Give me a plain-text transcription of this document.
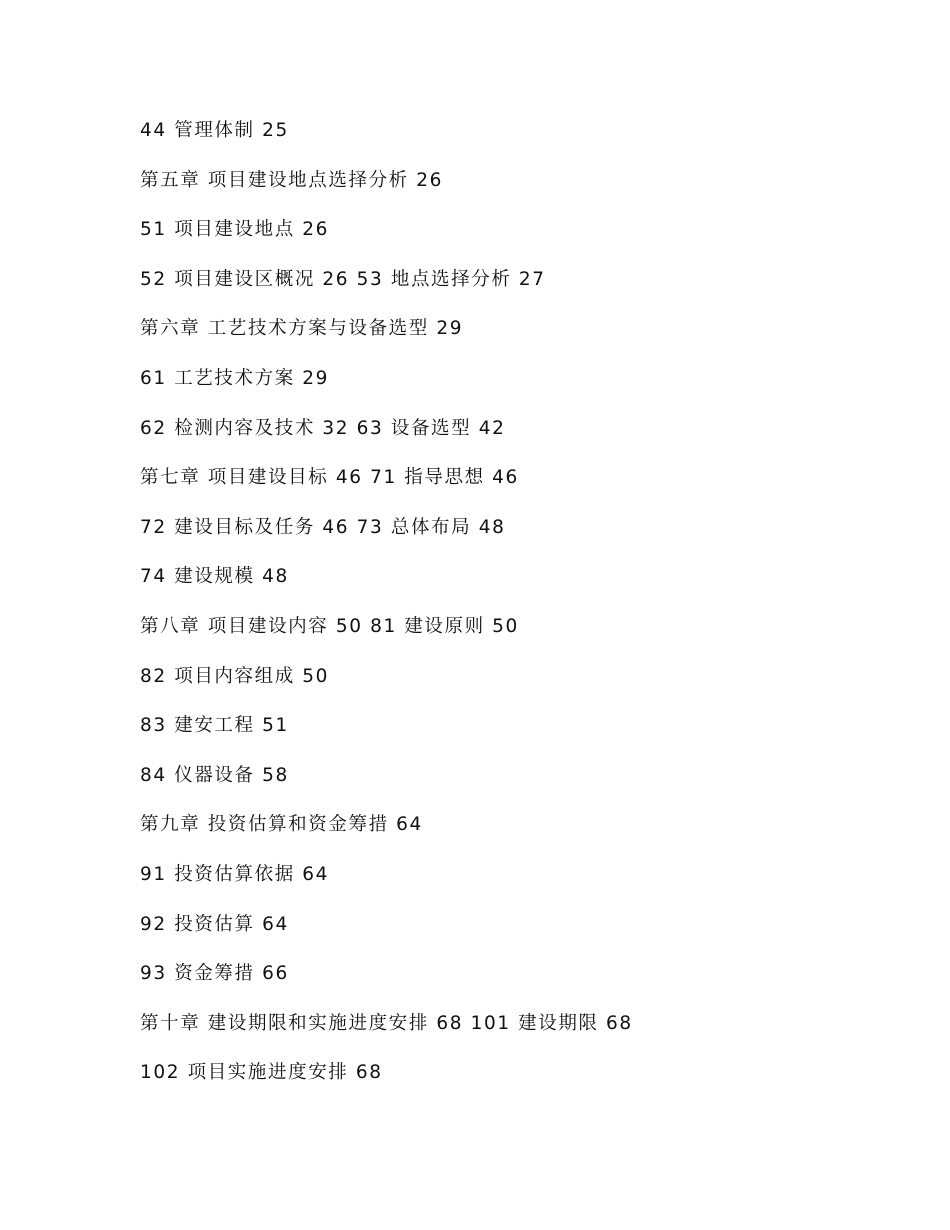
44 管理体制 25
第五章 项目建设地点选择分析 26
51 项目建设地点 26
52 项目建设区概况 26 53 地点选择分析 27
第六章 工艺技术方案与设备选型 29
61 工艺技术方案 29
62 检测内容及技术 32 63 设备选型 42
第七章 项目建设目标 46 71 指导思想 46
72 建设目标及任务 46 73 总体布局 48
74 建设规模 48
第八章 项目建设内容 50 81 建设原则 50
82 项目内容组成 50
83 建安工程 51
84 仪器设备 58
第九章 投资估算和资金筹措 64
91 投资估算依据 64
92 投资估算 64
93 资金筹措 66
第十章 建设期限和实施进度安排 68 101 建设期限 68
102 项目实施进度安排 68
